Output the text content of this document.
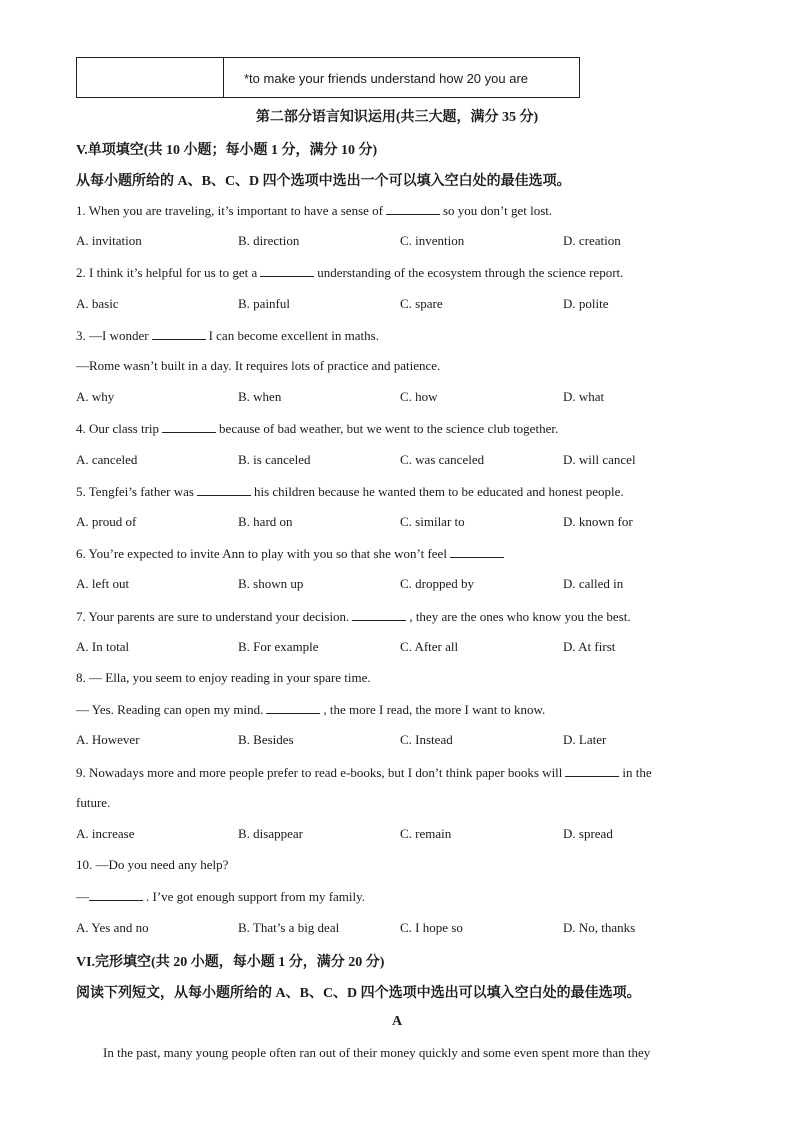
*to make your friends understand how 20 you are
第二部分语言知识运用(共三大题，满分 35 分)
V.单项填空(共 10 小题；每小题 1 分，满分 10 分)
从每小题所给的 A、B、C、D 四个选项中选出一个可以填入空白处的最佳选项。
1. When you are traveling, it’s important to have a sense of	so you don’t get lost.
A. invitation	B. direction	C. invention	D. creation
2. I think it’s helpful for us to get a	understanding of the ecosystem through the science report.
A. basic	B. painful	C. spare	D. polite
3. —I wonder	I can become excellent in maths.
—Rome wasn’t built in a day. It requires lots of practice and patience.
A. why	B. when	C. how	D. what
4. Our class trip	because of bad weather, but we went to the science club together.
A. canceled	B. is canceled	C. was canceled	D. will cancel
5. Tengfei’s father was	his children because he wanted them to be educated and honest people.
A. proud of	B. hard on	C. similar to	D. known for
6. You’re expected to invite Ann to play with you so that she won’t feel
A. left out	B. shown up	C. dropped by	D. called in
7. Your parents are sure to understand your decision.	, they are the ones who know you the best.
A. In total	B. For example	C. After all	D. At first
8. — Ella, you seem to enjoy reading in your spare time.
— Yes. Reading can open my mind.	, the more I read, the more I want to know.
A. However	B. Besides	C. Instead	D. Later
9. Nowadays more and more people prefer to read e-books, but I don’t think paper books will	in the
future.
A. increase	B. disappear	C. remain	D. spread
10. —Do you need any help?
—	. I’ve got enough support from my family.
A. Yes and no	B. That’s a big deal	C. I hope so	D. No, thanks
VI.完形填空(共 20 小题，每小题 1 分，满分 20 分)
阅读下列短文，从每小题所给的 A、B、C、D 四个选项中选出可以填入空白处的最佳选项。
A
In the past, many young people often ran out of their money quickly and some even spent more than they
